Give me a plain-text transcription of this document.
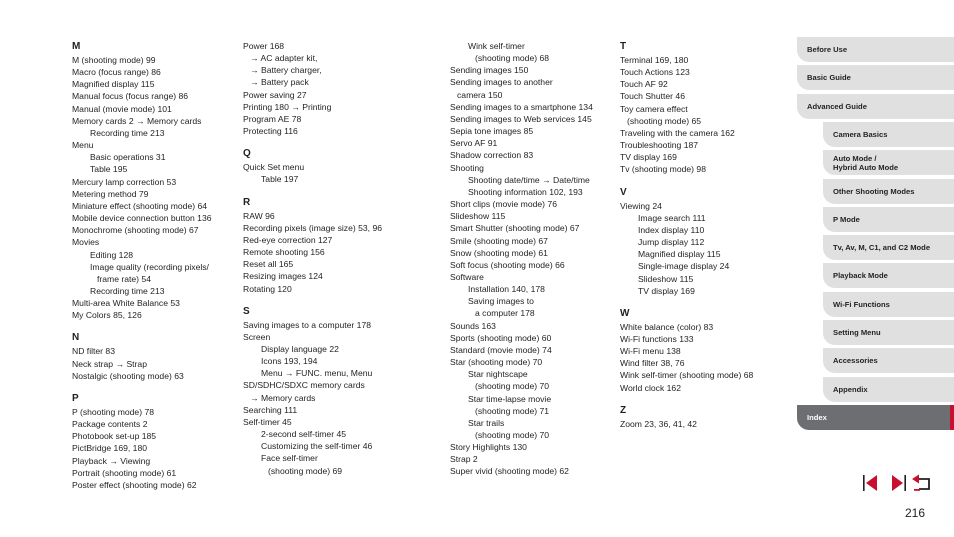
M
M (shooting mode) 99
Macro (focus range) 86
Magnified display 115
Manual focus (focus range) 86
Manual (movie mode) 101
Memory cards 2 → Memory cards
Recording time 213
Menu
Basic operations 31
Table 195
Mercury lamp correction 53
Metering method 79
Miniature effect (shooting mode) 64
Mobile device connection button 136
Monochrome (shooting mode) 67
Movies
Editing 128
Image quality (recording pixels/
frame rate) 54
Recording time 213
Multi-area White Balance 53
My Colors 85, 126
N
ND filter 83
Neck strap → Strap
Nostalgic (shooting mode) 63
P
P (shooting mode) 78
Package contents 2
Photobook set-up 185
PictBridge 169, 180
Playback → Viewing
Portrait (shooting mode) 61
Poster effect (shooting mode) 62
Power 168
→ AC adapter kit,
→ Battery charger,
→ Battery pack
Power saving 27
Printing 180 → Printing
Program AE 78
Protecting 116
Q
Quick Set menu
Table 197
R
RAW 96
Recording pixels (image size) 53, 96
Red-eye correction 127
Remote shooting 156
Reset all 165
Resizing images 124
Rotating 120
S
Saving images to a computer 178
Screen
Display language 22
Icons 193, 194
Menu → FUNC. menu, Menu
SD/SDHC/SDXC memory cards
→ Memory cards
Searching 111
Self-timer 45
2-second self-timer 45
Customizing the self-timer 46
Face self-timer
(shooting mode) 69
Wink self-timer
(shooting mode) 68
Sending images 150
Sending images to another
camera 150
Sending images to a smartphone 134
Sending images to Web services 145
Sepia tone images 85
Servo AF 91
Shadow correction 83
Shooting
Shooting date/time → Date/time
Shooting information 102, 193
Short clips (movie mode) 76
Slideshow 115
Smart Shutter (shooting mode) 67
Smile (shooting mode) 67
Snow (shooting mode) 61
Soft focus (shooting mode) 66
Software
Installation 140, 178
Saving images to
a computer 178
Sounds 163
Sports (shooting mode) 60
Standard (movie mode) 74
Star (shooting mode) 70
Star nightscape
(shooting mode) 70
Star time-lapse movie
(shooting mode) 71
Star trails
(shooting mode) 70
Story Highlights 130
Strap 2
Super vivid (shooting mode) 62
T
Terminal 169, 180
Touch Actions 123
Touch AF 92
Touch Shutter 46
Toy camera effect
(shooting mode) 65
Traveling with the camera 162
Troubleshooting 187
TV display 169
Tv (shooting mode) 98
V
Viewing 24
Image search 111
Index display 110
Jump display 112
Magnified display 115
Single-image display 24
Slideshow 115
TV display 169
W
White balance (color) 83
Wi-Fi functions 133
Wi-Fi menu 138
Wind filter 38, 76
Wink self-timer (shooting mode) 68
World clock 162
Z
Zoom 23, 36, 41, 42
Before Use
Basic Guide
Advanced Guide
Camera Basics
Auto Mode /
Hybrid Auto Mode
Other Shooting Modes
P Mode
Tv, Av, M, C1, and C2 Mode
Playback Mode
Wi-Fi Functions
Setting Menu
Accessories
Appendix
Index
216
